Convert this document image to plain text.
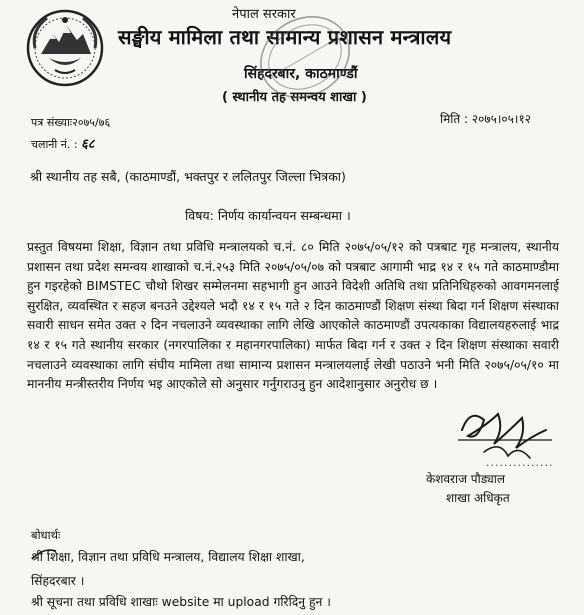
नेपाल सरकार
सङ्घीय मामिला तथा सामान्य प्रशासन मन्त्रालय
सिंहदरबार, काठमाण्डौं
( स्थानीय तह समन्वय शाखा )
पत्र संख्याः२०७५/७६
चलानी नं. : ६८
मिति : २०७५।०५।१२
श्री स्थानीय तह सबै, (काठमाण्डौं, भक्तपुर र ललितपुर जिल्ला भित्रका)
विषय: निर्णय कार्यान्वयन सम्बन्धमा ।
प्रस्तुत विषयमा शिक्षा, विज्ञान तथा प्रविधि मन्त्रालयको च.नं. ८० मिति २०७५/०५/१२ को पत्रबाट गृह मन्त्रालय, स्थानीय प्रशासन तथा प्रदेश समन्वय शाखाको च.नं.२५३ मिति २०७५/०५/०७ को पत्रबाट आगामी भाद्र १४ र १५ गते काठमाण्डौमा हुन गइरहेको BIMSTEC चौथो शिखर सम्मेलनमा सहभागी हुन आउने विदेशी अतिथि तथा प्रतिनिधिहरुको आवगमनलाई सुरक्षित, व्यवस्थित र सहज बनउने उद्देश्यले भदौ १४ र १५ गते २ दिन काठमाण्डौं शिक्षण संस्था बिदा गर्न शिक्षण संस्थाका सवारी साधन समेत उक्त २ दिन नचलाउने व्यवस्थाका लागि लेखि आएकोले काठमाण्डौं उपत्यकाका विद्यालयहरुलाई भाद्र १४ र १५ गते स्थानीय सरकार (नगरपालिका र महानगरपालिका) मार्फत बिदा गर्न र उक्त २ दिन शिक्षण संस्थाका सवारी नचलाउने व्यवस्थाका लागि संघीय मामिला तथा सामान्य प्रशासन मन्त्रालयलाई लेखी पठाउने भनी मिति २०७५/०५/१० मा माननीय मन्त्रीस्तरीय निर्णय भइ आएकोले सो अनुसार गर्नुगराउनु हुन आदेशानुसार अनुरोध छ ।
...............
केशवराज पौड्याल
शाखा अधिकृत
बोधार्थः
श्री शिक्षा, विज्ञान तथा प्रविधि मन्त्रालय, विद्यालय शिक्षा शाखा,
सिंहदरबार ।
श्री सूचना तथा प्रविधि शाखाः website मा upload गरिदिनु हुन ।
